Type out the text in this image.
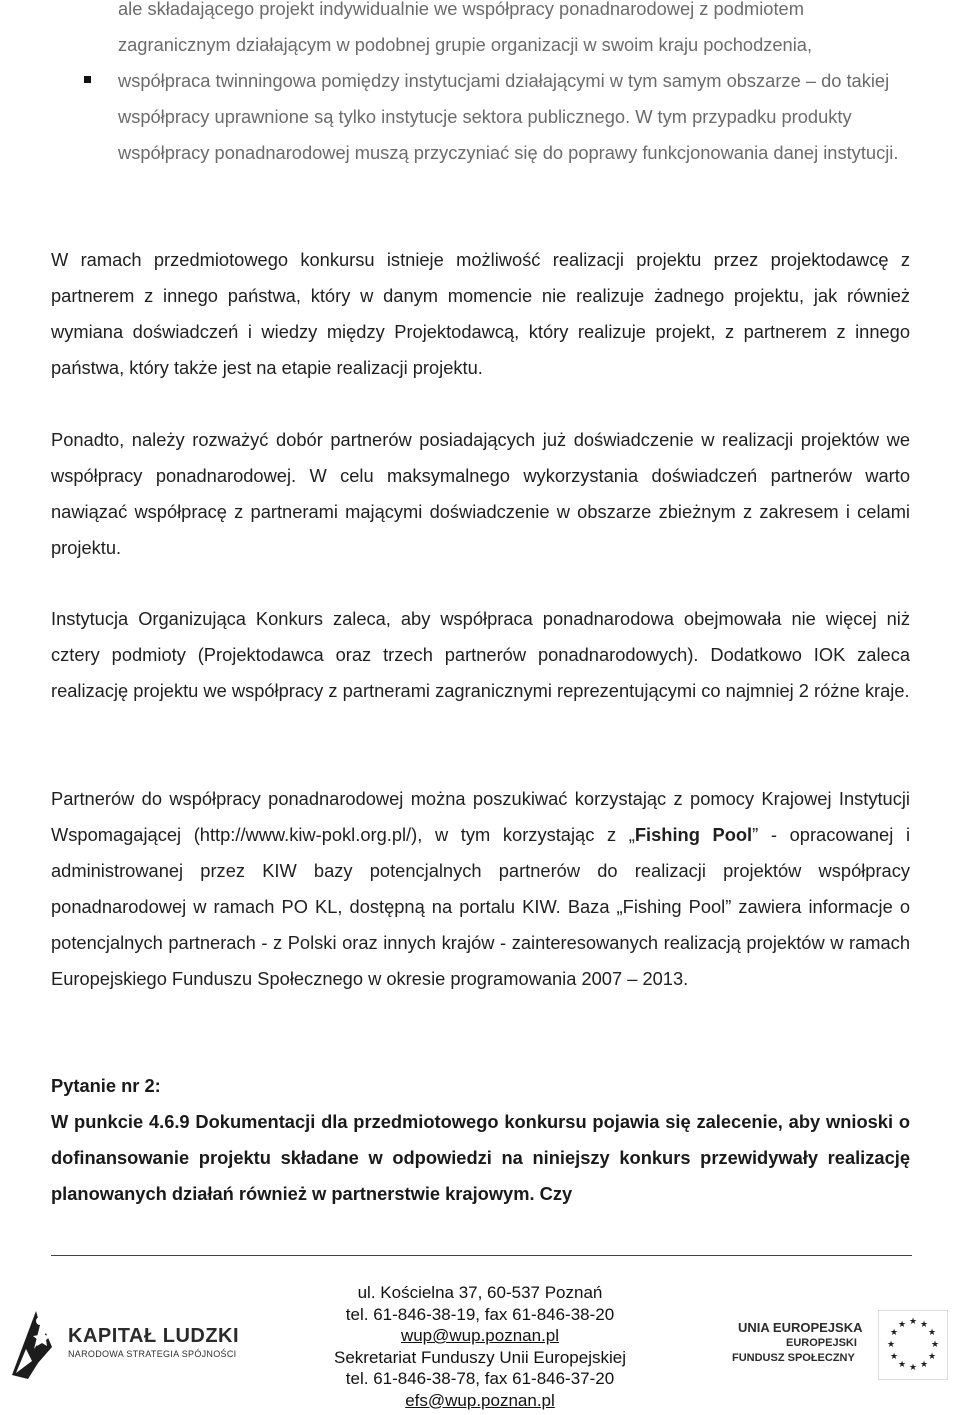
ale składającego projekt indywidualnie we współpracy ponadnarodowej z podmiotem

zagranicznym działającym w podobnej grupie organizacji w swoim kraju pochodzenia,

współpraca twinningowa pomiędzy instytucjami działającymi w tym samym obszarze – do takiej współpracy uprawnione są tylko instytucje sektora publicznego. W tym przypadku produkty współpracy ponadnarodowej muszą przyczyniać się do poprawy funkcjonowania danej instytucji.

W ramach przedmiotowego konkursu istnieje możliwość realizacji projektu przez projektodawcę z partnerem z innego państwa, który w danym momencie nie realizuje żadnego projektu, jak również wymiana doświadczeń i wiedzy między Projektodawcą, który realizuje projekt, z partnerem z innego państwa, który także jest na etapie realizacji projektu.

Ponadto, należy rozważyć dobór partnerów posiadających już doświadczenie w realizacji projektów we współpracy ponadnarodowej. W celu maksymalnego wykorzystania doświadczeń partnerów warto nawiązać współpracę z partnerami mającymi doświadczenie w obszarze zbieżnym z zakresem i celami projektu.

Instytucja Organizująca Konkurs zaleca, aby współpraca ponadnarodowa obejmowała nie więcej niż cztery podmioty (Projektodawca oraz trzech partnerów ponadnarodowych). Dodatkowo IOK zaleca realizację projektu we współpracy z partnerami zagranicznymi reprezentującymi co najmniej 2 różne kraje.

Partnerów do współpracy ponadnarodowej można poszukiwać korzystając z pomocy Krajowej Instytucji Wspomagającej (http://www.kiw-pokl.org.pl/), w tym korzystając z „Fishing Pool” - opracowanej i administrowanej przez KIW bazy potencjalnych partnerów do realizacji projektów współpracy ponadnarodowej w ramach PO KL, dostępną na portalu KIW. Baza „Fishing Pool” zawiera informacje o potencjalnych partnerach - z Polski oraz innych krajów - zainteresowanych realizacją projektów w ramach Europejskiego Funduszu Społecznego w okresie programowania 2007 – 2013.

Pytanie nr 2:

W punkcie 4.6.9 Dokumentacji dla przedmiotowego konkursu pojawia się zalecenie, aby wnioski o dofinansowanie projektu składane w odpowiedzi na niniejszy konkurs przewidywały realizację planowanych działań również w partnerstwie krajowym. Czy

KAPITAŁ LUDZKI
NARODOWA STRATEGIA SPÓJNOŚCI
ul. Kościelna 37, 60-537 Poznań
tel. 61-846-38-19, fax 61-846-38-20
wup@wup.poznan.pl
Sekretariat Funduszy Unii Europejskiej
tel. 61-846-38-78, fax 61-846-37-20
efs@wup.poznan.pl
UNIA EUROPEJSKA
EUROPEJSKI
FUNDUSZ SPOŁECZNY
★ ★
★
★
★
★
★
★
★
★
★
★
